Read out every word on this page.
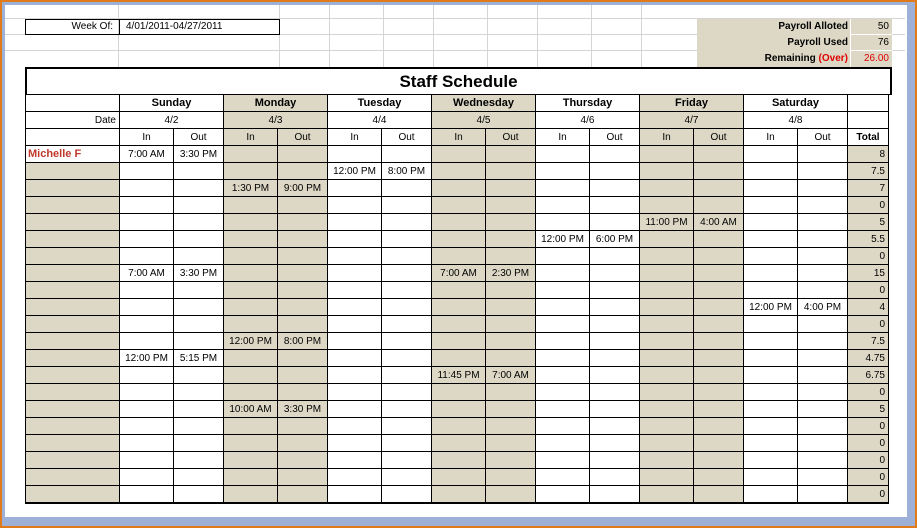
Week Of: 4/01/2011-04/27/2011	Payroll Alloted	50
Payroll Used	76
Remaining (Over) 26.00
Staff Schedule
	Sunday		Monday		Tuesday		Wednesday		Thursday		Friday		Saturday		
Date	4/2		4/3		4/4		4/5		4/6		4/7		4/8		
	In	Out	In	Out	In	Out	In	Out	In	Out	In	Out	In	Out	Total
Michelle F	7:00 AM	3:30 PM													8
					12:00 PM	8:00 PM									7.5
			1:30 PM	9:00 PM											7
															0
											11:00 PM	4:00 AM			5
									12:00 PM	6:00 PM					5.5
															0
	7:00 AM	3:30 PM					7:00 AM	2:30 PM							15
															0
													12:00 PM	4:00 PM	4
															0
			12:00 PM	8:00 PM											7.5
	12:00 PM	5:15 PM													4.75
							11:45 PM	7:00 AM							6.75
															0
			10:00 AM	3:30 PM											5
															0
															0
															0
															0
															0
